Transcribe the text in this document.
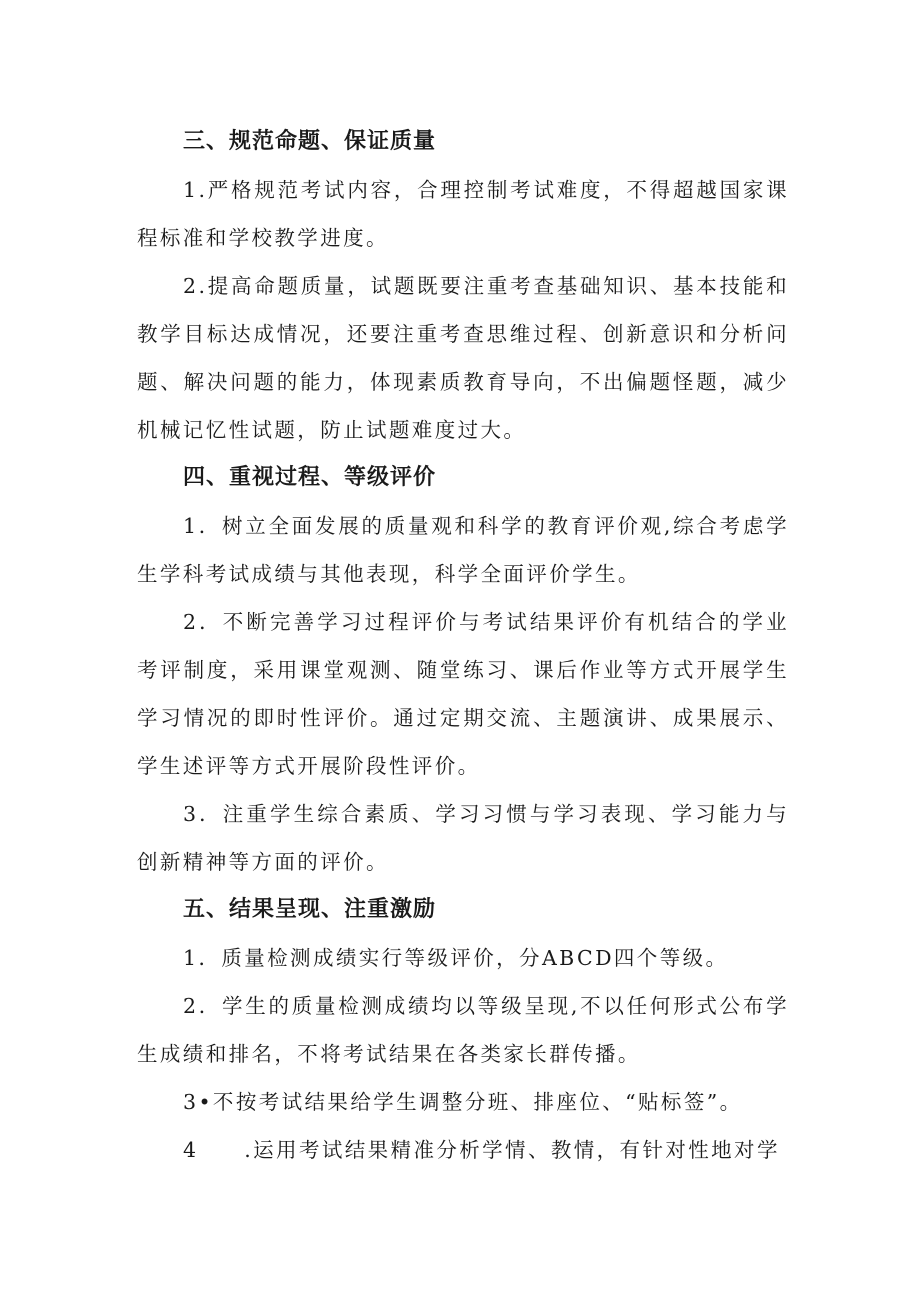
三、规范命题、保证质量

1.严格规范考试内容，合理控制考试难度，不得超越国家课程标准和学校教学进度。

2.提高命题质量，试题既要注重考查基础知识、基本技能和教学目标达成情况，还要注重考查思维过程、创新意识和分析问题、解决问题的能力，体现素质教育导向，不出偏题怪题，减少机械记忆性试题，防止试题难度过大。

四、重视过程、等级评价

1．树立全面发展的质量观和科学的教育评价观,综合考虑学生学科考试成绩与其他表现，科学全面评价学生。

2．不断完善学习过程评价与考试结果评价有机结合的学业考评制度，采用课堂观测、随堂练习、课后作业等方式开展学生学习情况的即时性评价。通过定期交流、主题演讲、成果展示、学生述评等方式开展阶段性评价。

3．注重学生综合素质、学习习惯与学习表现、学习能力与创新精神等方面的评价。

五、结果呈现、注重激励

1．质量检测成绩实行等级评价，分ABCD四个等级。

2．学生的质量检测成绩均以等级呈现,不以任何形式公布学生成绩和排名，不将考试结果在各类家长群传播。

3•不按考试结果给学生调整分班、排座位、“贴标签”。

4　　.运用考试结果精准分析学情、教情，有针对性地对学
